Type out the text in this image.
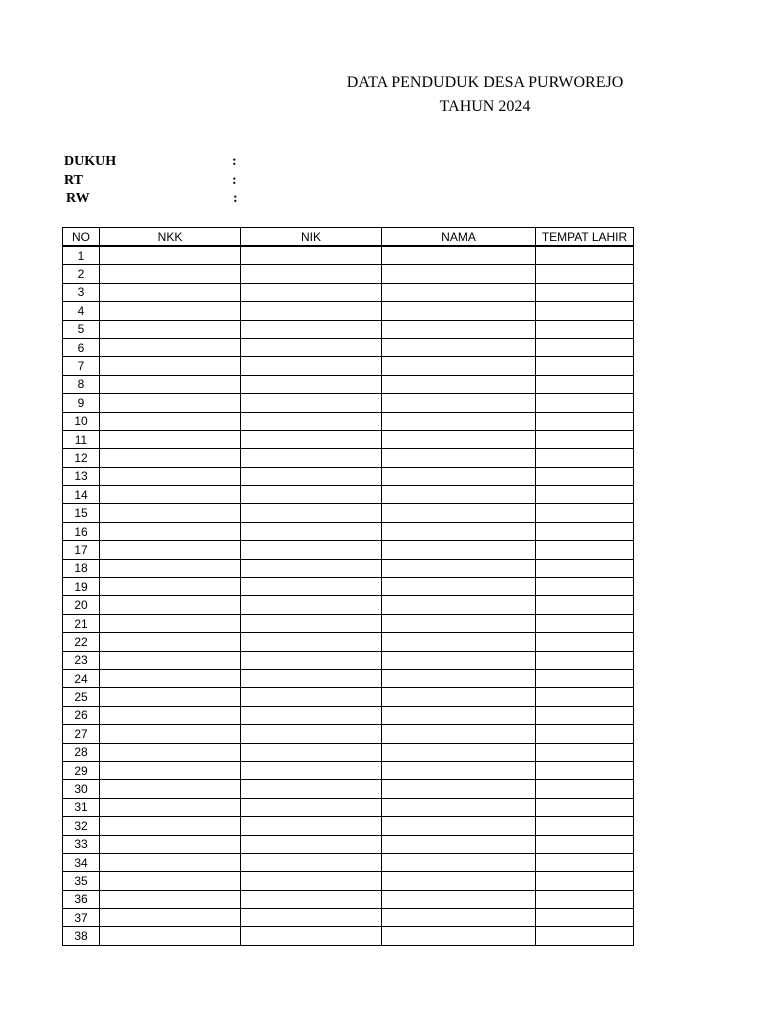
DATA PENDUDUK DESA PURWOREJO
TAHUN 2024
DUKUH	:
RT	:
RW	:
NO	NKK	NIK	NAMA	TEMPAT LAHIR
1				
2				
3				
4				
5				
6				
7				
8				
9				
10				
11				
12				
13				
14				
15				
16				
17				
18				
19				
20				
21				
22				
23				
24				
25				
26				
27				
28				
29				
30				
31				
32				
33				
34				
35				
36				
37				
38				
